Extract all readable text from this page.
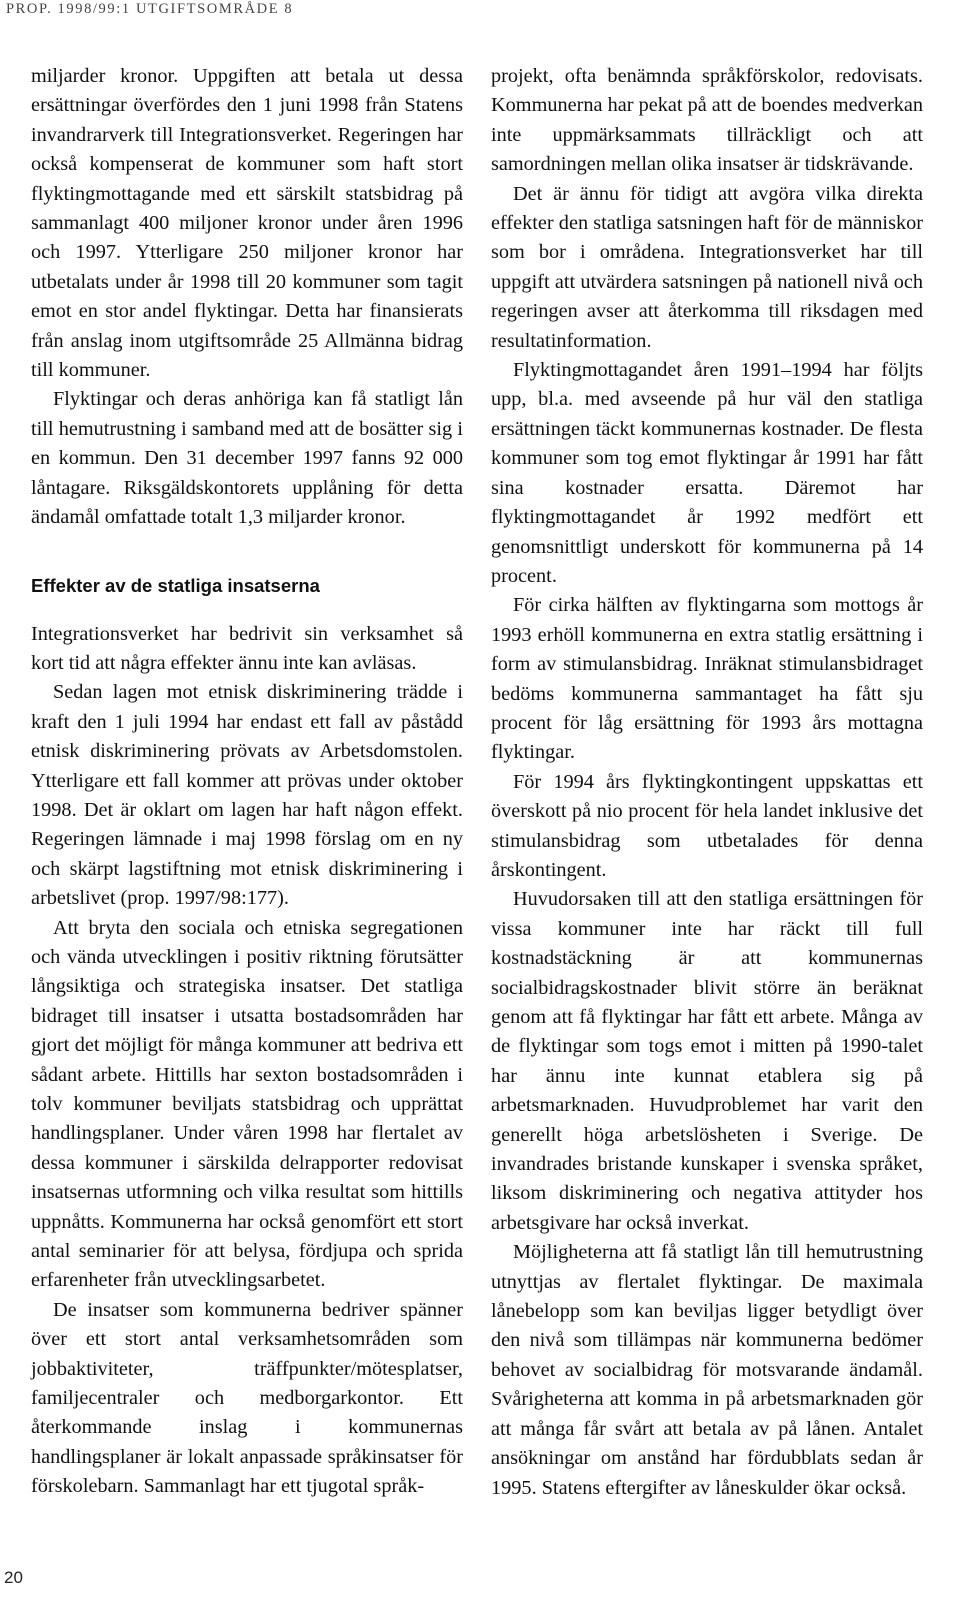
PROP. 1998/99:1 UTGIFTSOMRÅDE 8

miljarder kronor. Uppgiften att betala ut dessa ersättningar överfördes den 1 juni 1998 från Statens invandrarverk till Integrationsverket. Regeringen har också kompenserat de kommuner som haft stort flyktingmottagande med ett särskilt statsbidrag på sammanlagt 400 miljoner kronor under åren 1996 och 1997. Ytterligare 250 miljoner kronor har utbetalats under år 1998 till 20 kommuner som tagit emot en stor andel flyktingar. Detta har finansierats från anslag inom utgiftsområde 25 Allmänna bidrag till kommuner.

Flyktingar och deras anhöriga kan få statligt lån till hemutrustning i samband med att de bosätter sig i en kommun. Den 31 december 1997 fanns 92 000 låntagare. Riksgäldskontorets upplåning för detta ändamål omfattade totalt 1,3 miljarder kronor.

Effekter av de statliga insatserna

Integrationsverket har bedrivit sin verksamhet så kort tid att några effekter ännu inte kan avläsas.

Sedan lagen mot etnisk diskriminering trädde i kraft den 1 juli 1994 har endast ett fall av påstådd etnisk diskriminering prövats av Arbetsdomstolen. Ytterligare ett fall kommer att prövas under oktober 1998. Det är oklart om lagen har haft någon effekt. Regeringen lämnade i maj 1998 förslag om en ny och skärpt lagstiftning mot etnisk diskriminering i arbetslivet (prop. 1997/98:177).

Att bryta den sociala och etniska segregationen och vända utvecklingen i positiv riktning förutsätter långsiktiga och strategiska insatser. Det statliga bidraget till insatser i utsatta bostadsområden har gjort det möjligt för många kommuner att bedriva ett sådant arbete. Hittills har sexton bostadsområden i tolv kommuner beviljats statsbidrag och upprättat handlingsplaner. Under våren 1998 har flertalet av dessa kommuner i särskilda delrapporter redovisat insatsernas utformning och vilka resultat som hittills uppnåtts. Kommunerna har också genomfört ett stort antal seminarier för att belysa, fördjupa och sprida erfarenheter från utvecklingsarbetet.

De insatser som kommunerna bedriver spänner över ett stort antal verksamhetsområden som jobbaktiviteter, träffpunkter/mötesplatser, familjecentraler och medborgarkontor. Ett återkommande inslag i kommunernas handlingsplaner är lokalt anpassade språkinsatser för förskolebarn. Sammanlagt har ett tjugotal språk-

projekt, ofta benämnda språkförskolor, redovisats. Kommunerna har pekat på att de boendes medverkan inte uppmärksammats tillräckligt och att samordningen mellan olika insatser är tidskrävande.

Det är ännu för tidigt att avgöra vilka direkta effekter den statliga satsningen haft för de människor som bor i områdena. Integrationsverket har till uppgift att utvärdera satsningen på nationell nivå och regeringen avser att återkomma till riksdagen med resultatinformation.

Flyktingmottagandet åren 1991–1994 har följts upp, bl.a. med avseende på hur väl den statliga ersättningen täckt kommunernas kostnader. De flesta kommuner som tog emot flyktingar år 1991 har fått sina kostnader ersatta. Däremot har flyktingmottagandet år 1992 medfört ett genomsnittligt underskott för kommunerna på 14 procent.

För cirka hälften av flyktingarna som mottogs år 1993 erhöll kommunerna en extra statlig ersättning i form av stimulansbidrag. Inräknat stimulansbidraget bedöms kommunerna sammantaget ha fått sju procent för låg ersättning för 1993 års mottagna flyktingar.

För 1994 års flyktingkontingent uppskattas ett överskott på nio procent för hela landet inklusive det stimulansbidrag som utbetalades för denna årskontingent.

Huvudorsaken till att den statliga ersättningen för vissa kommuner inte har räckt till full kostnadstäckning är att kommunernas socialbidragskostnader blivit större än beräknat genom att få flyktingar har fått ett arbete. Många av de flyktingar som togs emot i mitten på 1990-talet har ännu inte kunnat etablera sig på arbetsmarknaden. Huvudproblemet har varit den generellt höga arbetslösheten i Sverige. De invandrades bristande kunskaper i svenska språket, liksom diskriminering och negativa attityder hos arbetsgivare har också inverkat.

Möjligheterna att få statligt lån till hemutrustning utnyttjas av flertalet flyktingar. De maximala lånebelopp som kan beviljas ligger betydligt över den nivå som tillämpas när kommunerna bedömer behovet av socialbidrag för motsvarande ändamål. Svårigheterna att komma in på arbetsmarknaden gör att många får svårt att betala av på lånen. Antalet ansökningar om anstånd har fördubblats sedan år 1995. Statens eftergifter av låneskulder ökar också.

20
